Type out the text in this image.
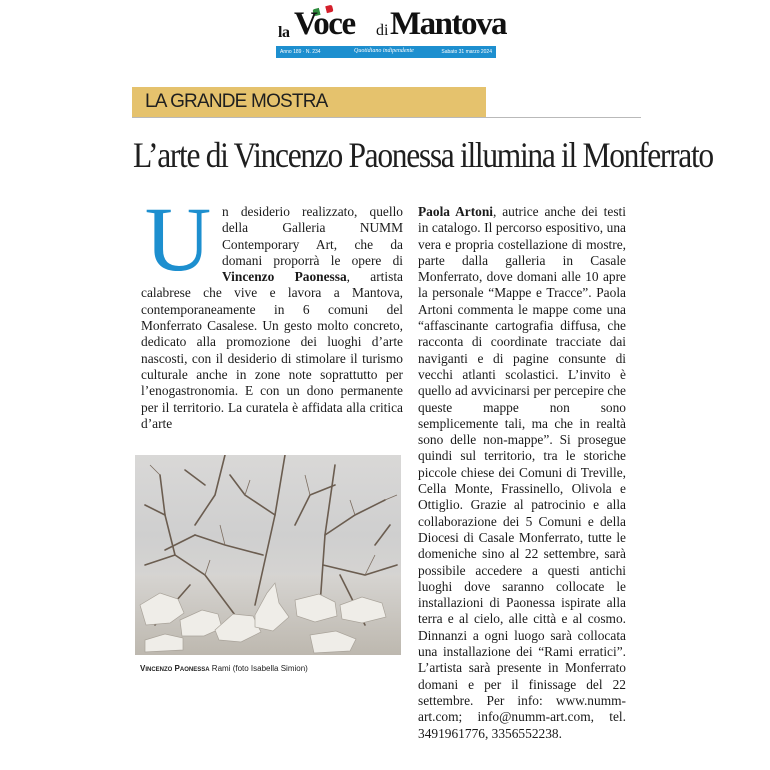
la Voce di Mantova
Anno 189 · N. 234	Quotidiano indipendente	Sabato 31 marzo 2024
LA GRANDE MOSTRA
L’arte di Vincenzo Paonessa illumina il Monferrato
Un desiderio realizzato, quello della Galleria NUMM Contemporary Art, che da domani proporrà le opere di Vincenzo Paonessa, artista calabrese che vive e lavora a Mantova, contemporaneamente in 6 comuni del Monferrato Casalese. Un gesto molto concreto, dedicato alla promozione dei luoghi d’arte nascosti, con il desiderio di stimolare il turismo culturale anche in zone note soprattutto per l’enogastronomia. E con un dono permanente per il territorio. La curatela è affidata alla critica d’arte
Paola Artoni, autrice anche dei testi in catalogo. Il percorso espositivo, una vera e propria costellazione di mostre, parte dalla galleria in Casale Monferrato, dove domani alle 10 apre la personale “Mappe e Tracce”. Paola Artoni commenta le mappe come una “affascinante cartografia diffusa, che racconta di coordinate tracciate dai naviganti e di pagine consunte di vecchi atlanti scolastici. L’invito è quello ad avvicinarsi per percepire che queste mappe non sono semplicemente tali, ma che in realtà sono delle non-mappe”. Si prosegue quindi sul territorio, tra le storiche piccole chiese dei Comuni di Treville, Cella Monte, Frassinello, Olivola e Ottiglio. Grazie al patrocinio e alla collaborazione dei 5 Comuni e della Diocesi di Casale Monferrato, tutte le domeniche sino al 22 settembre, sarà possibile accedere a questi antichi luoghi dove saranno collocate le installazioni di Paonessa ispirate alla terra e al cielo, alle città e al cosmo. Dinnanzi a ogni luogo sarà collocata una installazione dei “Rami erratici”. L’artista sarà presente in Monferrato domani e per il finissage del 22 settembre. Per info: www.numm-art.com; info@numm-art.com, tel. 3491961776, 3356552238.
Vincenzo Paonessa Rami (foto Isabella Simion)
